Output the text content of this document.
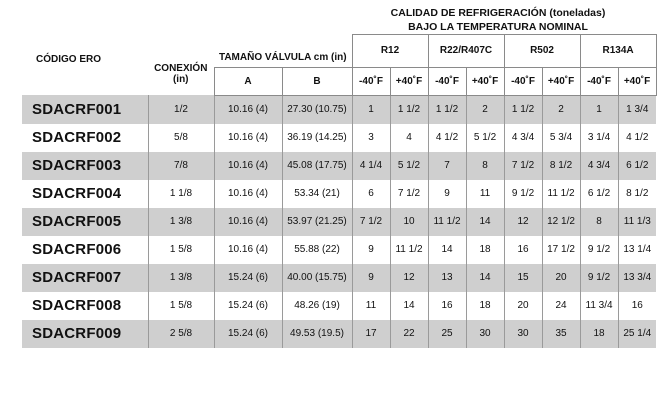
CALIDAD DE REFRIGERACIÓN (toneladas)
BAJO LA TEMPERATURA NOMINAL
CÓDIGO ERO	CONEXIÓN
(in)	TAMAÑO VÁLVULA cm (in)		R12		R22/R407C		R502		R134A	
		A	B	-40˚F	+40˚F	-40˚F	+40˚F	-40˚F	+40˚F	-40˚F	+40˚F
SDACRF001	1/2	10.16 (4)	27.30 (10.75)	1	1 1/2	1 1/2	2	1 1/2	2	1	1 3/4
SDACRF002	5/8	10.16 (4)	36.19 (14.25)	3	4	4 1/2	5 1/2	4 3/4	5 3/4	3 1/4	4 1/2
SDACRF003	7/8	10.16 (4)	45.08 (17.75)	4 1/4	5 1/2	7	8	7 1/2	8 1/2	4 3/4	6 1/2
SDACRF004	1 1/8	10.16 (4)	53.34 (21)	6	7 1/2	9	11	9 1/2	11 1/2	6 1/2	8 1/2
SDACRF005	1 3/8	10.16 (4)	53.97 (21.25)	7 1/2	10	11 1/2	14	12	12 1/2	8	11 1/3
SDACRF006	1 5/8	10.16 (4)	55.88 (22)	9	11 1/2	14	18	16	17 1/2	9 1/2	13 1/4
SDACRF007	1 3/8	15.24 (6)	40.00 (15.75)	9	12	13	14	15	20	9 1/2	13 3/4
SDACRF008	1 5/8	15.24 (6)	48.26 (19)	11	14	16	18	20	24	11 3/4	16
SDACRF009	2 5/8	15.24 (6)	49.53 (19.5)	17	22	25	30	30	35	18	25 1/4
